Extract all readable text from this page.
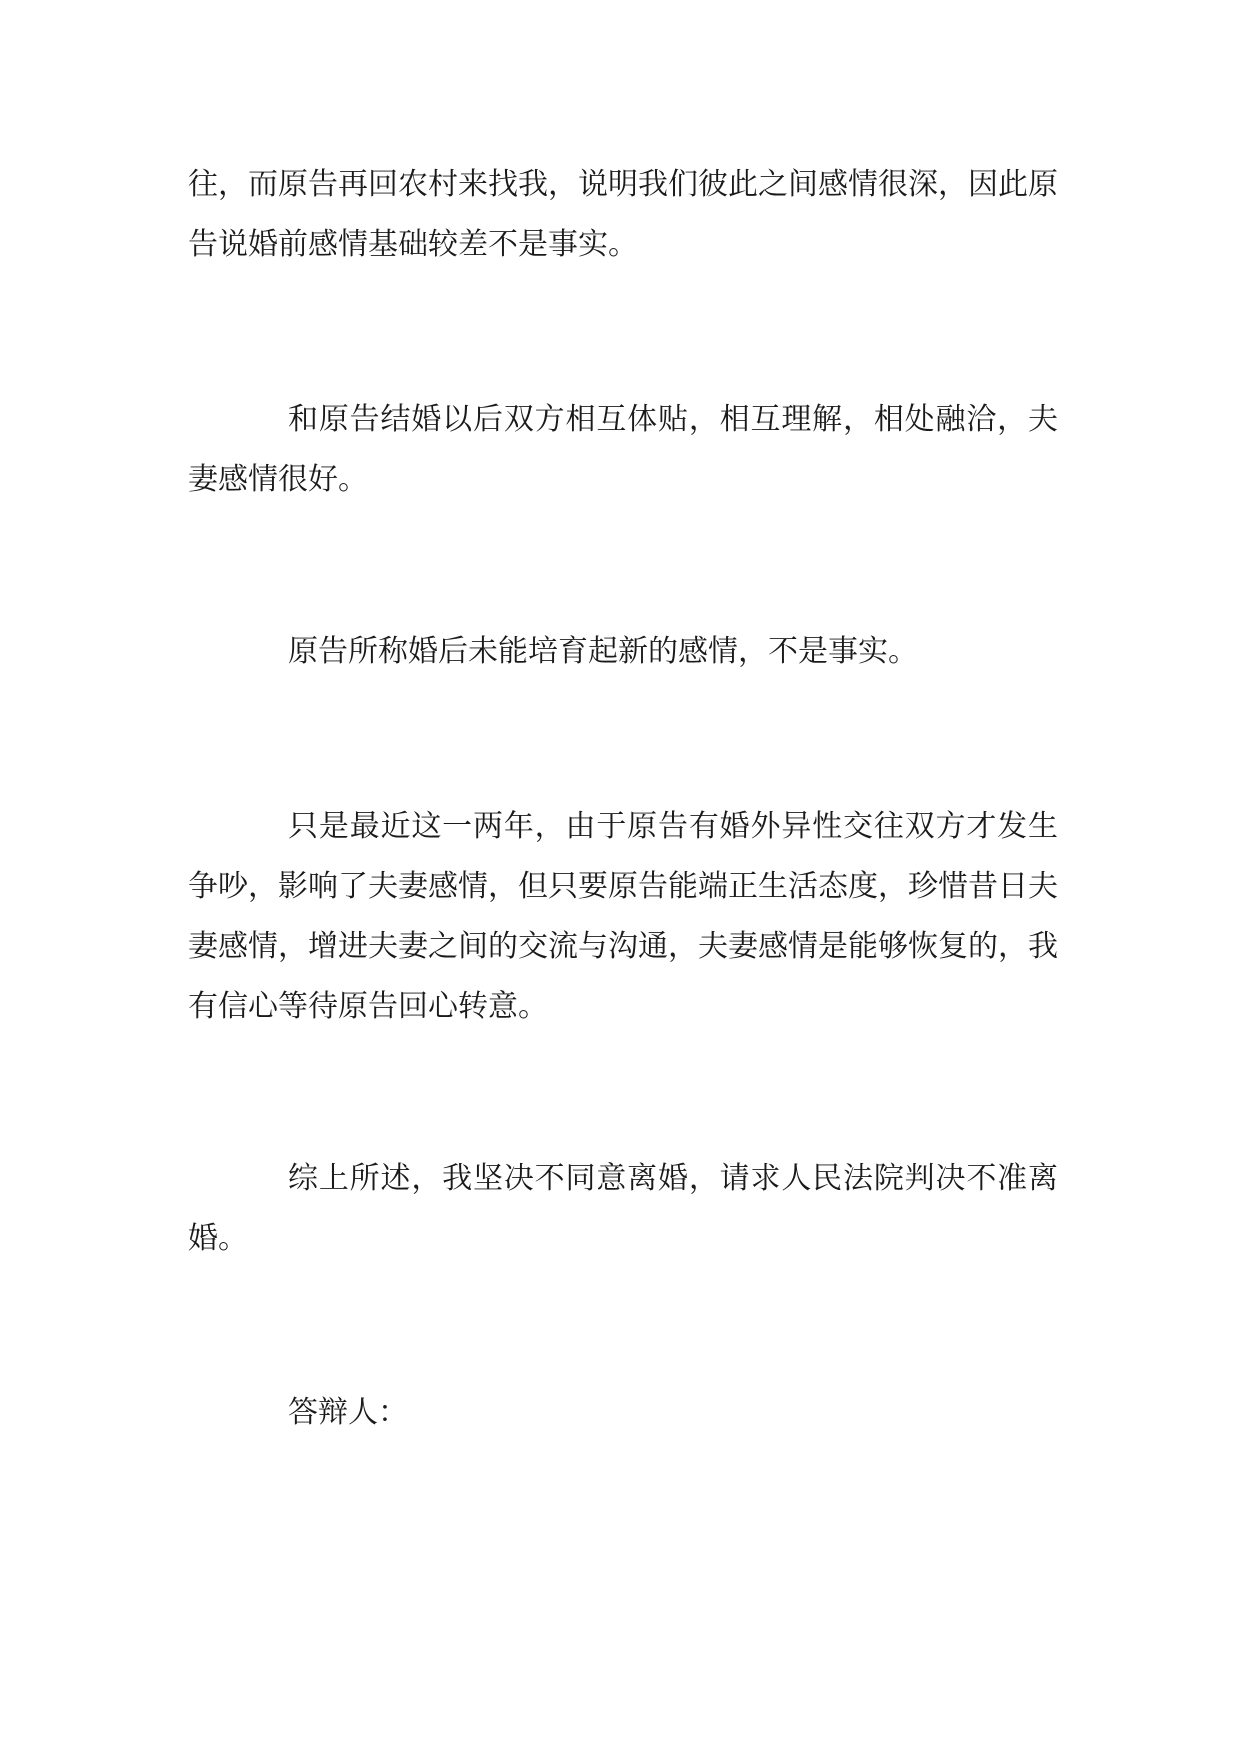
往，而原告再回农村来找我，说明我们彼此之间感情很深，因此原告说婚前感情基础较差不是事实。

和原告结婚以后双方相互体贴，相互理解，相处融洽，夫妻感情很好。

原告所称婚后未能培育起新的感情，不是事实。

只是最近这一两年，由于原告有婚外异性交往双方才发生争吵，影响了夫妻感情，但只要原告能端正生活态度，珍惜昔日夫妻感情，增进夫妻之间的交流与沟通，夫妻感情是能够恢复的，我有信心等待原告回心转意。

综上所述，我坚决不同意离婚，请求人民法院判决不准离婚。

答辩人：
